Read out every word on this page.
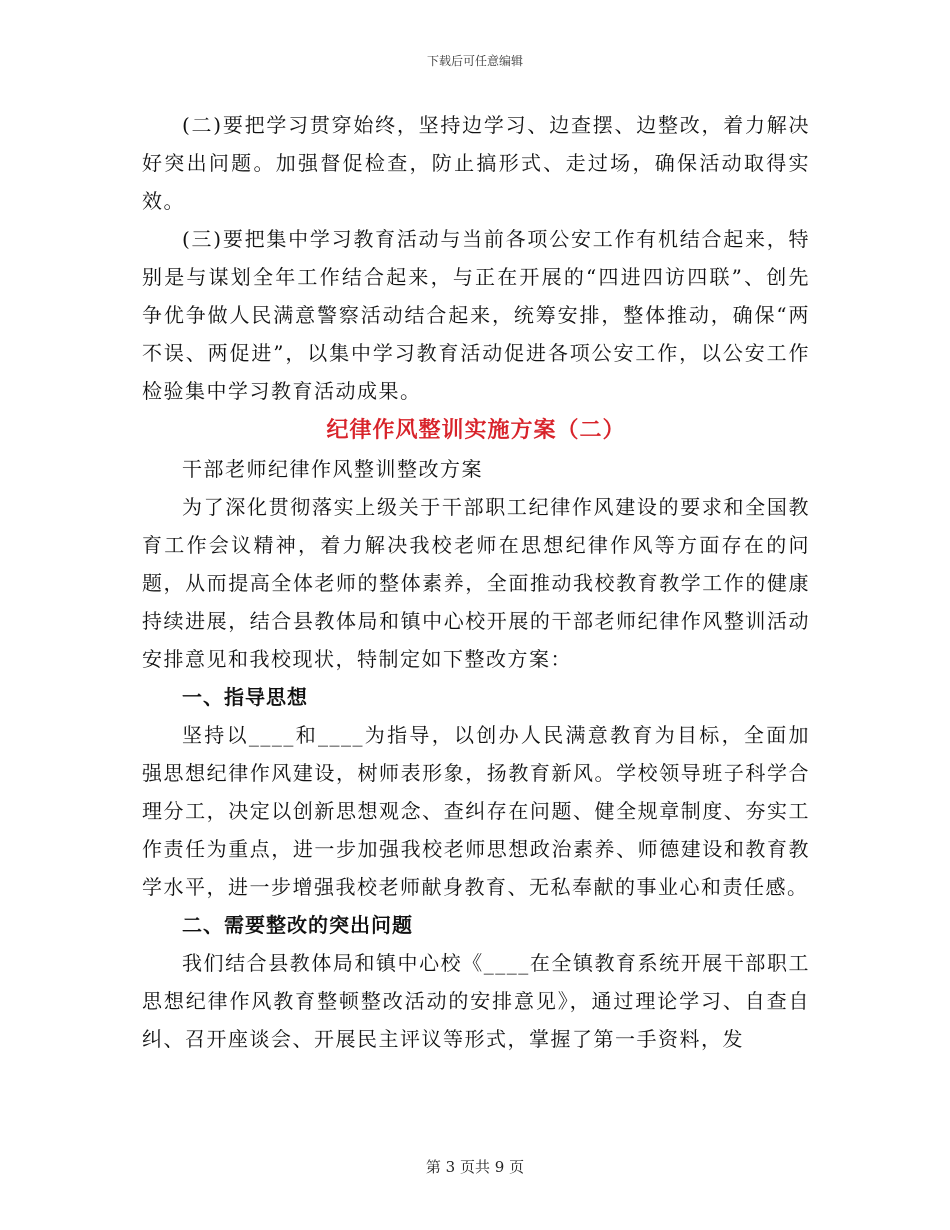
下载后可任意编辑

(二)要把学习贯穿始终，坚持边学习、边查摆、边整改，着力解决好突出问题。加强督促检查，防止搞形式、走过场，确保活动取得实效。

(三)要把集中学习教育活动与当前各项公安工作有机结合起来，特别是与谋划全年工作结合起来，与正在开展的“四进四访四联”、创先争优争做人民满意警察活动结合起来，统筹安排，整体推动，确保“两不误、两促进”，以集中学习教育活动促进各项公安工作，以公安工作检验集中学习教育活动成果。

纪律作风整训实施方案（二）

干部老师纪律作风整训整改方案

为了深化贯彻落实上级关于干部职工纪律作风建设的要求和全国教育工作会议精神，着力解决我校老师在思想纪律作风等方面存在的问题，从而提高全体老师的整体素养，全面推动我校教育教学工作的健康持续进展，结合县教体局和镇中心校开展的干部老师纪律作风整训活动安排意见和我校现状，特制定如下整改方案：

一、指导思想

坚持以____和____为指导，以创办人民满意教育为目标，全面加强思想纪律作风建设，树师表形象，扬教育新风。学校领导班子科学合理分工，决定以创新思想观念、查纠存在问题、健全规章制度、夯实工作责任为重点，进一步加强我校老师思想政治素养、师德建设和教育教学水平，进一步增强我校老师献身教育、无私奉献的事业心和责任感。

二、需要整改的突出问题

我们结合县教体局和镇中心校《____在全镇教育系统开展干部职工思想纪律作风教育整顿整改活动的安排意见》，通过理论学习、自查自纠、召开座谈会、开展民主评议等形式，掌握了第一手资料，发

第 3 页共 9 页
